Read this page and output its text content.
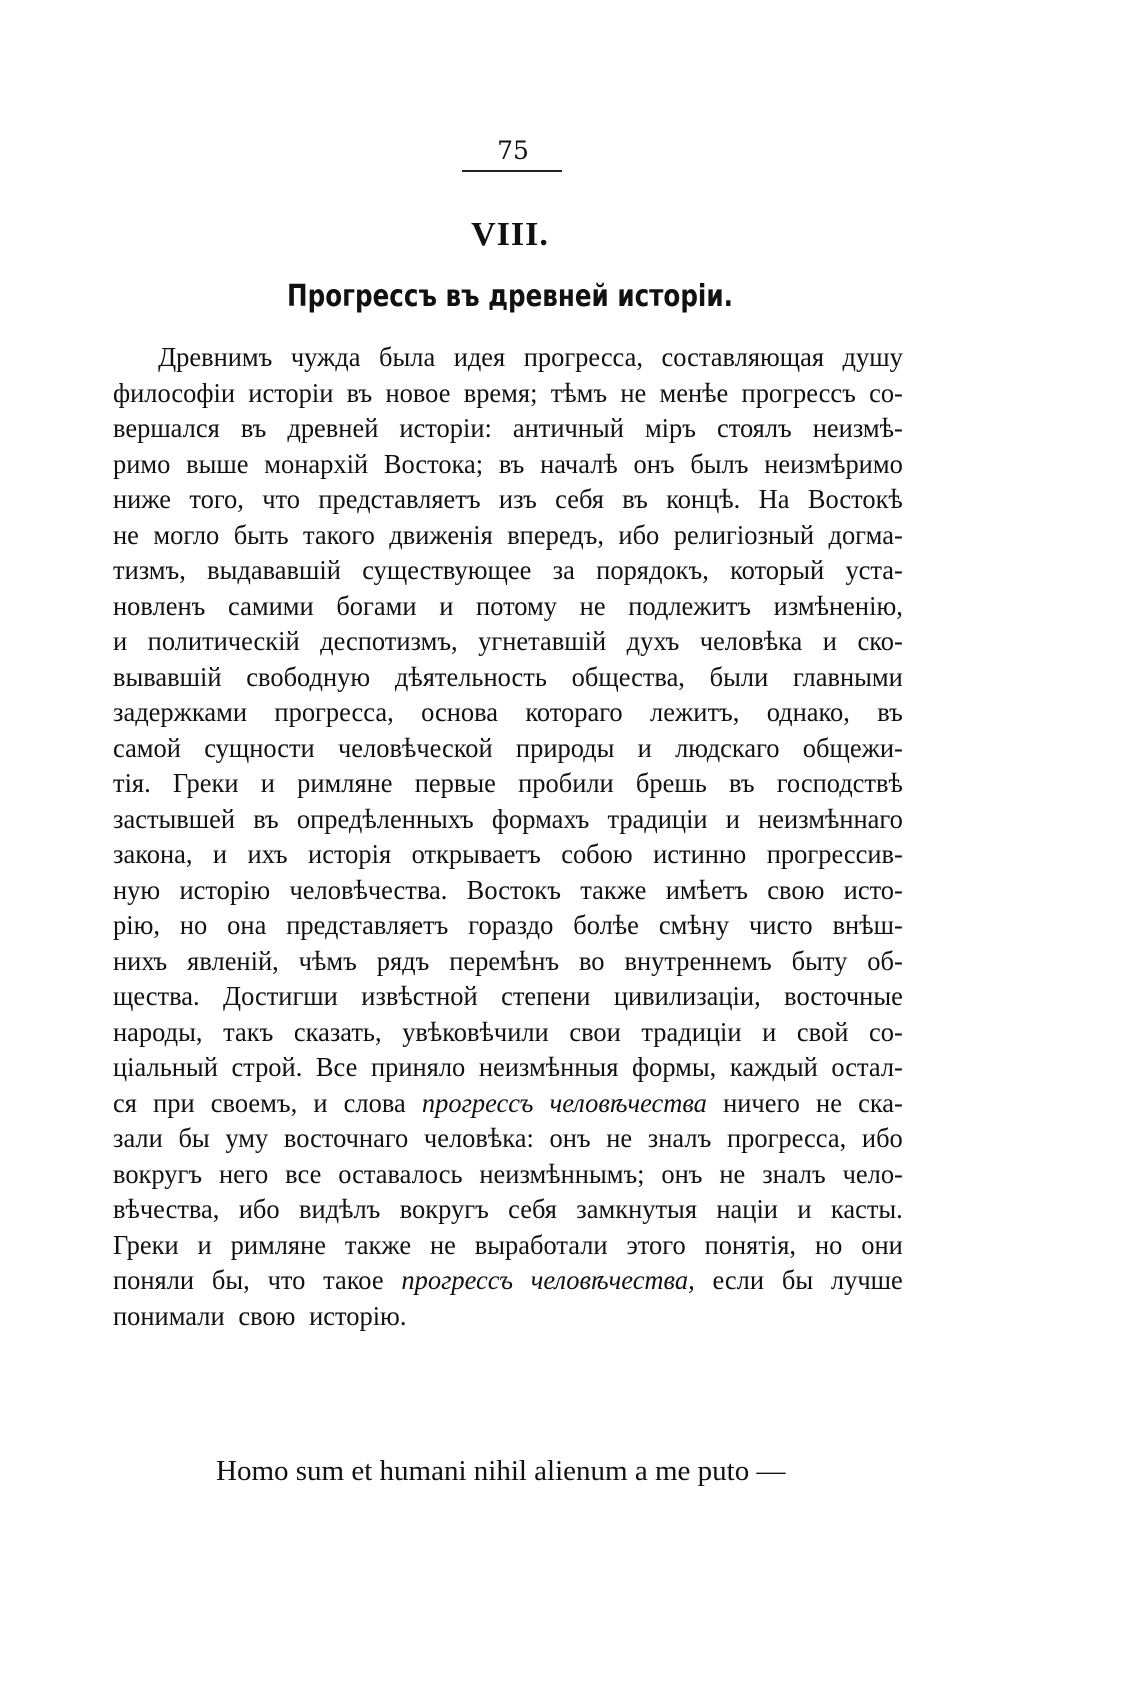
75
VIII.
Прогрессъ въ древней исторіи.
Древнимъ чужда была идея прогресса, составляющая душу
философіи исторіи въ новое время; тѣмъ не менѣе прогрессъ со-
вершался въ древней исторіи: античный міръ стоялъ неизмѣ-
римо выше монархій Востока; въ началѣ онъ былъ неизмѣримо
ниже того, что представляетъ изъ себя въ концѣ. На Востокѣ
не могло быть такого движенія впередъ, ибо религіозный догма-
тизмъ, выдававшій существующее за порядокъ, который уста-
новленъ самими богами и потому не подлежитъ измѣненію,
и политическій деспотизмъ, угнетавшій духъ человѣка и ско-
вывавшій свободную дѣятельность общества, были главными
задержками прогресса, основа котораго лежитъ, однако, въ
самой сущности человѣческой природы и людскаго общежи-
тія. Греки и римляне первые пробили брешь въ господствѣ
застывшей въ опредѣленныхъ формахъ традиціи и неизмѣннаго
закона, и ихъ исторія открываетъ собою истинно прогрессив-
ную исторію человѣчества. Востокъ также имѣетъ свою исто-
рію, но она представляетъ гораздо болѣе смѣну чисто внѣш-
нихъ явленій, чѣмъ рядъ перемѣнъ во внутреннемъ быту об-
щества. Достигши извѣстной степени цивилизаціи, восточные
народы, такъ сказать, увѣковѣчили свои традиціи и свой со-
ціальный строй. Все приняло неизмѣнныя формы, каждый остал-
ся при своемъ, и слова прогрессъ человѣчества ничего не ска-
зали бы уму восточнаго человѣка: онъ не зналъ прогресса, ибо
вокругъ него все оставалось неизмѣннымъ; онъ не зналъ чело-
вѣчества, ибо видѣлъ вокругъ себя замкнутыя націи и касты.
Греки и римляне также не выработали этого понятія, но они
поняли бы, что такое прогрессъ человѣчества, если бы лучше
понимали свою исторію.
Homo sum et humani nihil alienum a me puto —
